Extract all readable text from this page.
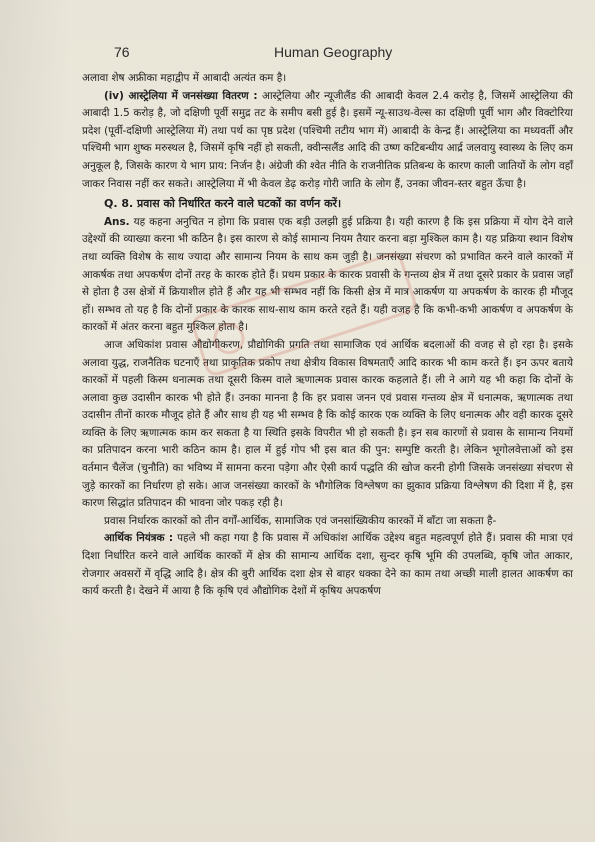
76	Human Geography

अलावा शेष अफ्रीका महाद्वीप में आबादी अत्यंत कम है।

(iv) आस्ट्रेलिया में जनसंख्या वितरण : आस्ट्रेलिया और न्यूजीलैंड की आबादी केवल 2.4 करोड़ है, जिसमें आस्ट्रेलिया की आबादी 1.5 करोड़ है, जो दक्षिणी पूर्वी समुद्र तट के समीप बसी हुई है। इसमें न्यू-साउथ-वेल्स का दक्षिणी पूर्वी भाग और विक्टोरिया प्रदेश (पूर्वी-दक्षिणी आस्ट्रेलिया में) तथा पर्थ का पृष्ठ प्रदेश (पश्चिमी तटीय भाग में) आबादी के केन्द्र हैं। आस्ट्रेलिया का मध्यवर्ती और पश्चिमी भाग शुष्क मरुस्थल है, जिसमें कृषि नहीं हो सकती, क्वीन्सलैंड आदि की उष्ण कटिबन्धीय आर्द्र जलवायु स्वास्थ्य के लिए कम अनुकूल है, जिसके कारण ये भाग प्राय: निर्जन है। अंग्रेजी की श्वेत नीति के राजनीतिक प्रतिबन्ध के कारण काली जातियों के लोग वहाँ जाकर निवास नहीं कर सकते। आस्ट्रेलिया में भी केवल डेढ़ करोड़ गोरी जाति के लोग हैं, उनका जीवन-स्तर बहुत ऊँचा है।

Q. 8. प्रवास को निर्धारित करने वाले घटकों का वर्णन करें।

Ans. यह कहना अनुचित न होगा कि प्रवास एक बड़ी उलझी हुई प्रक्रिया है। यही कारण है कि इस प्रक्रिया में योग देने वाले उद्देश्यों की व्याख्या करना भी कठिन है। इस कारण से कोई सामान्य नियम तैयार करना बड़ा मुश्किल काम है। यह प्रक्रिया स्थान विशेष तथा व्यक्ति विशेष के साथ ज्यादा और सामान्य नियम के साथ कम जुड़ी है। जनसंख्या संचरण को प्रभावित करने वाले कारकों में आकर्षक तथा अपकर्षण दोनों तरह के कारक होते हैं। प्रथम प्रकार के कारक प्रवासी के गन्तव्य क्षेत्र में तथा दूसरे प्रकार के प्रवास जहाँ से होता है उस क्षेत्रों में क्रियाशील होते हैं और यह भी सम्भव नहीं कि किसी क्षेत्र में मात्र आकर्षण या अपकर्षण के कारक ही मौजूद हों। सम्भव तो यह है कि दोनों प्रकार के कारक साथ-साथ काम करते रहते हैं। यही वजह है कि कभी-कभी आकर्षण व अपकर्षण के कारकों में अंतर करना बहुत मुश्किल होता है।

आज अधिकांश प्रवास औद्योगीकरण, प्रौद्योगिकी प्रगति तथा सामाजिक एवं आर्थिक बदलाओं की वजह से हो रहा है। इसके अलावा युद्ध, राजनैतिक घटनाएँ तथा प्राकृतिक प्रकोप तथा क्षेत्रीय विकास विषमताएँ आदि कारक भी काम करते हैं। इन ऊपर बताये कारकों में पहली किस्म धनात्मक तथा दूसरी किस्म वाले ऋणात्मक प्रवास कारक कहलाते हैं। ली ने आगे यह भी कहा कि दोनों के अलावा कुछ उदासीन कारक भी होते हैं। उनका मानना है कि हर प्रवास जनन एवं प्रवास गन्तव्य क्षेत्र में धनात्मक, ऋणात्मक तथा उदासीन तीनों कारक मौजूद होते हैं और साथ ही यह भी सम्भव है कि कोई कारक एक व्यक्ति के लिए धनात्मक और वही कारक दूसरे व्यक्ति के लिए ऋणात्मक काम कर सकता है या स्थिति इसके विपरीत भी हो सकती है। इन सब कारणों से प्रवास के सामान्य नियमों का प्रतिपादन करना भारी कठिन काम है। हाल में हुई गोप भी इस बात की पुन: सम्पुष्टि करती है। लेकिन भूगोलवेत्ताओं को इस वर्तमान चैलेंज (चुनौति) का भविष्य में सामना करना पड़ेगा और ऐसी कार्य पद्धति की खोज करनी होगी जिसके जनसंख्या संचरण से जुड़े कारकों का निर्धारण हो सके। आज जनसंख्या कारकों के भौगोलिक विश्लेषण का झुकाव प्रक्रिया विश्लेषण की दिशा में है, इस कारण सिद्धांत प्रतिपादन की भावना जोर पकड़ रही है।

प्रवास निर्धारक कारकों को तीन वर्गों-आर्थिक, सामाजिक एवं जनसांख्यिकीय कारकों में बाँटा जा सकता है-

आर्थिक नियंत्रक : पहले भी कहा गया है कि प्रवास में अधिकांश आर्थिक उद्देश्य बहुत महत्वपूर्ण होते हैं। प्रवास की मात्रा एवं दिशा निर्धारित करने वाले आर्थिक कारकों में क्षेत्र की सामान्य आर्थिक दशा, सुन्दर कृषि भूमि की उपलब्धि, कृषि जोत आकार, रोजगार अवसरों में वृद्धि आदि है। क्षेत्र की बुरी आर्थिक दशा क्षेत्र से बाहर धक्का देने का काम तथा अच्छी माली हालत आकर्षण का कार्य करती है। देखने में आया है कि कृषि एवं औद्योगिक देशों में कृषिय अपकर्षण
